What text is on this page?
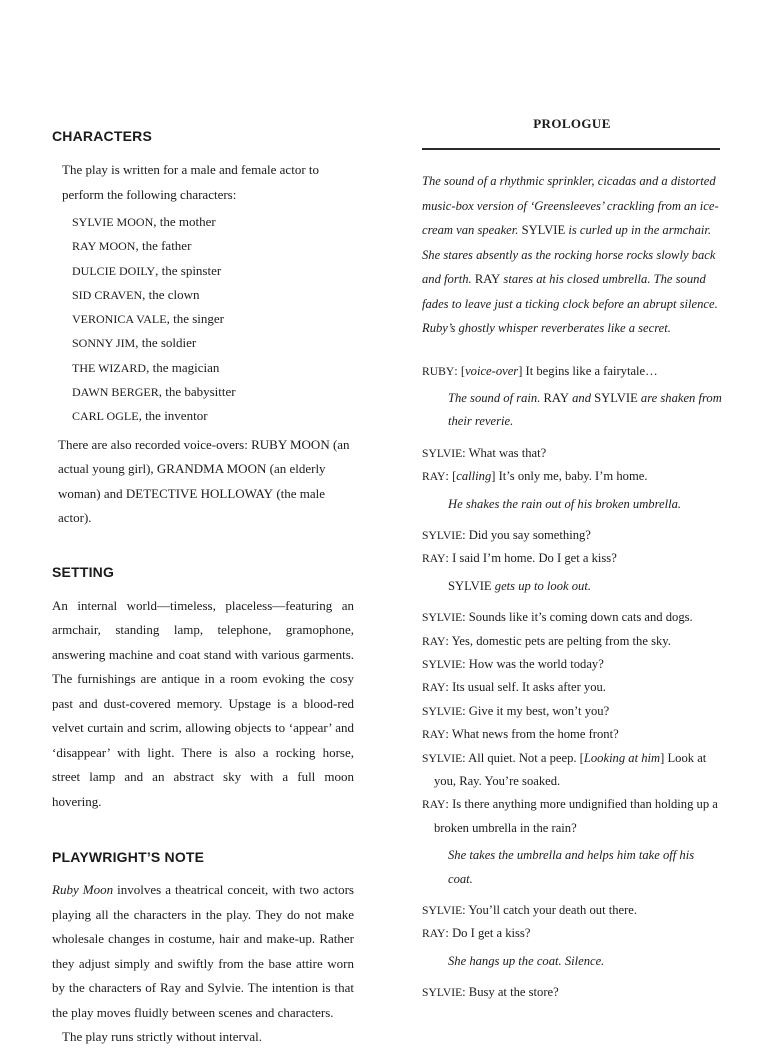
CHARACTERS

The play is written for a male and female actor to perform the following characters:

SYLVIE MOON, the mother
RAY MOON, the father
DULCIE DOILY, the spinster
SID CRAVEN, the clown
VERONICA VALE, the singer
SONNY JIM, the soldier
THE WIZARD, the magician
DAWN BERGER, the babysitter
CARL OGLE, the inventor

There are also recorded voice-overs: RUBY MOON (an actual young girl), GRANDMA MOON (an elderly woman) and DETECTIVE HOLLOWAY (the male actor).

SETTING

An internal world—timeless, placeless—featuring an armchair, standing lamp, telephone, gramophone, answering machine and coat stand with various garments. The furnishings are antique in a room evoking the cosy past and dust-covered memory. Upstage is a blood-red velvet curtain and scrim, allowing objects to ‘appear’ and ‘disappear’ with light. There is also a rocking horse, street lamp and an abstract sky with a full moon hovering.

PLAYWRIGHT’S NOTE

Ruby Moon involves a theatrical conceit, with two actors playing all the characters in the play. They do not make wholesale changes in costume, hair and make-up. Rather they adjust simply and swiftly from the base attire worn by the characters of Ray and Sylvie. The intention is that the play moves fluidly between scenes and characters.

The play runs strictly without interval.

PROLOGUE

The sound of a rhythmic sprinkler, cicadas and a distorted music-box version of ‘Greensleeves’ crackling from an ice-cream van speaker. SYLVIE is curled up in the armchair. She stares absently as the rocking horse rocks slowly back and forth. RAY stares at his closed umbrella. The sound fades to leave just a ticking clock before an abrupt silence. Ruby’s ghostly whisper reverberates like a secret.

RUBY: [voice-over] It begins like a fairytale…

The sound of rain. RAY and SYLVIE are shaken from their reverie.

SYLVIE: What was that?

RAY: [calling] It’s only me, baby. I’m home.

He shakes the rain out of his broken umbrella.

SYLVIE: Did you say something?

RAY: I said I’m home. Do I get a kiss?

SYLVIE gets up to look out.

SYLVIE: Sounds like it’s coming down cats and dogs.

RAY: Yes, domestic pets are pelting from the sky.

SYLVIE: How was the world today?

RAY: Its usual self. It asks after you.

SYLVIE: Give it my best, won’t you?

RAY: What news from the home front?

SYLVIE: All quiet. Not a peep. [Looking at him] Look at you, Ray. You’re soaked.

RAY: Is there anything more undignified than holding up a broken umbrella in the rain?

She takes the umbrella and helps him take off his coat.

SYLVIE: You’ll catch your death out there.

RAY: Do I get a kiss?

She hangs up the coat. Silence.

SYLVIE: Busy at the store?
